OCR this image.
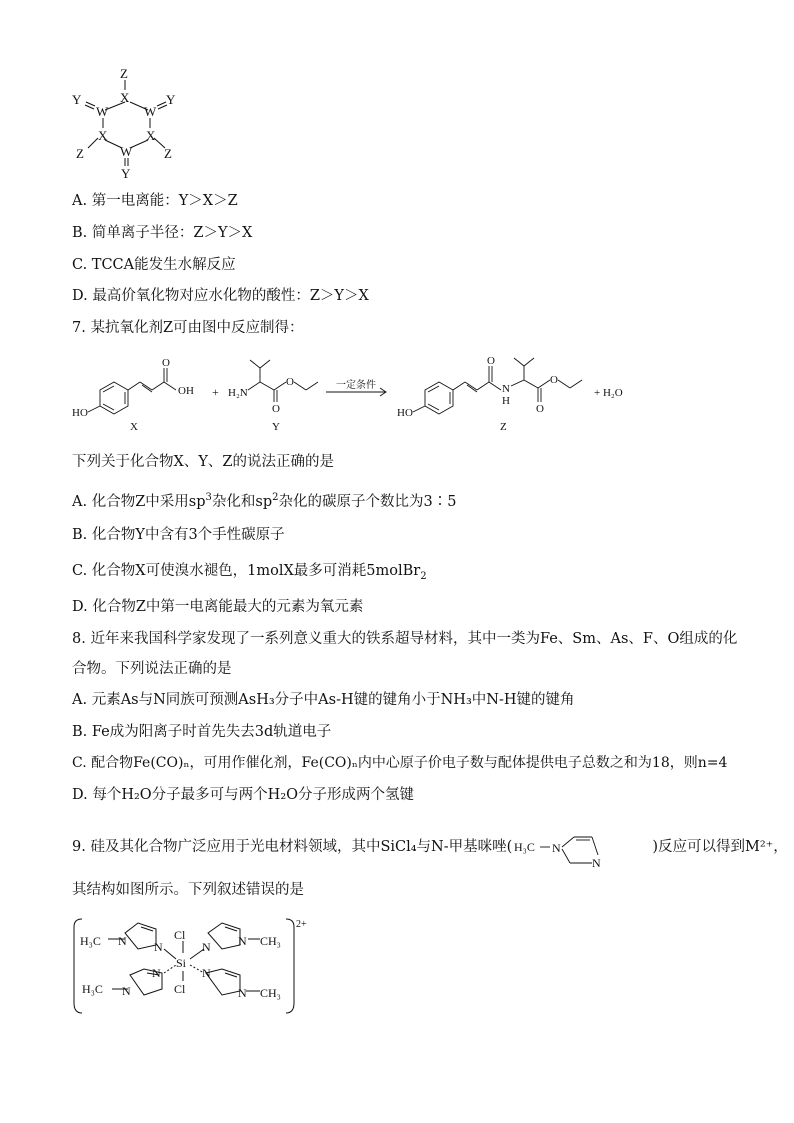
Z
X
Y
W	W
Y
X	X
Z	Z
W
Y
A. 第一电离能：Y＞X＞Z
B. 简单离子半径：Z＞Y＞X
C. TCCA能发生水解反应
D. 最高价氧化物对应水化物的酸性：Z＞Y＞X
7. 某抗氧化剂Z可由图中反应制得：
HO
OH
O
X
+ H₂N
O
O
Y
一定条件
HO
O
N
H
O
O
Z
+ H₂O
下列关于化合物X、Y、Z的说法正确的是
A. 化合物Z中采用$sp^3$杂化和$sp^2$杂化的碳原子个数比为3∶5
B. 化合物Y中含有3个手性碳原子
C. 化合物X可使溴水褪色，1molX最多可消耗5molBr$_2$
D. 化合物Z中第一电离能最大的元素为氧元素
8. 近年来我国科学家发现了一系列意义重大的铁系超导材料，其中一类为Fe、Sm、As、F、O组成的化
合物。下列说法正确的是
A. 元素As与N同族可预测AsH₃分子中As-H键的键角小于NH₃中N-H键的键角
B. Fe成为阳离子时首先失去3d轨道电子
C. 配合物Fe(CO)ₙ，可用作催化剂，Fe(CO)ₙ内中心原子价电子数与配体提供电子总数之和为18，则n=4
D. 每个H₂O分子最多可与两个H₂O分子形成两个氢键
9. 硅及其化合物广泛应用于光电材料领域，其中SiCl₄与N-甲基咪唑( H₃C N
N
)反应可以得到M²⁺，
其结构如图所示。下列叙述错误的是
H₃C N N
Cl
Si
Cl
N N CH₃
H₃C N
N	N
N CH₃
2+
